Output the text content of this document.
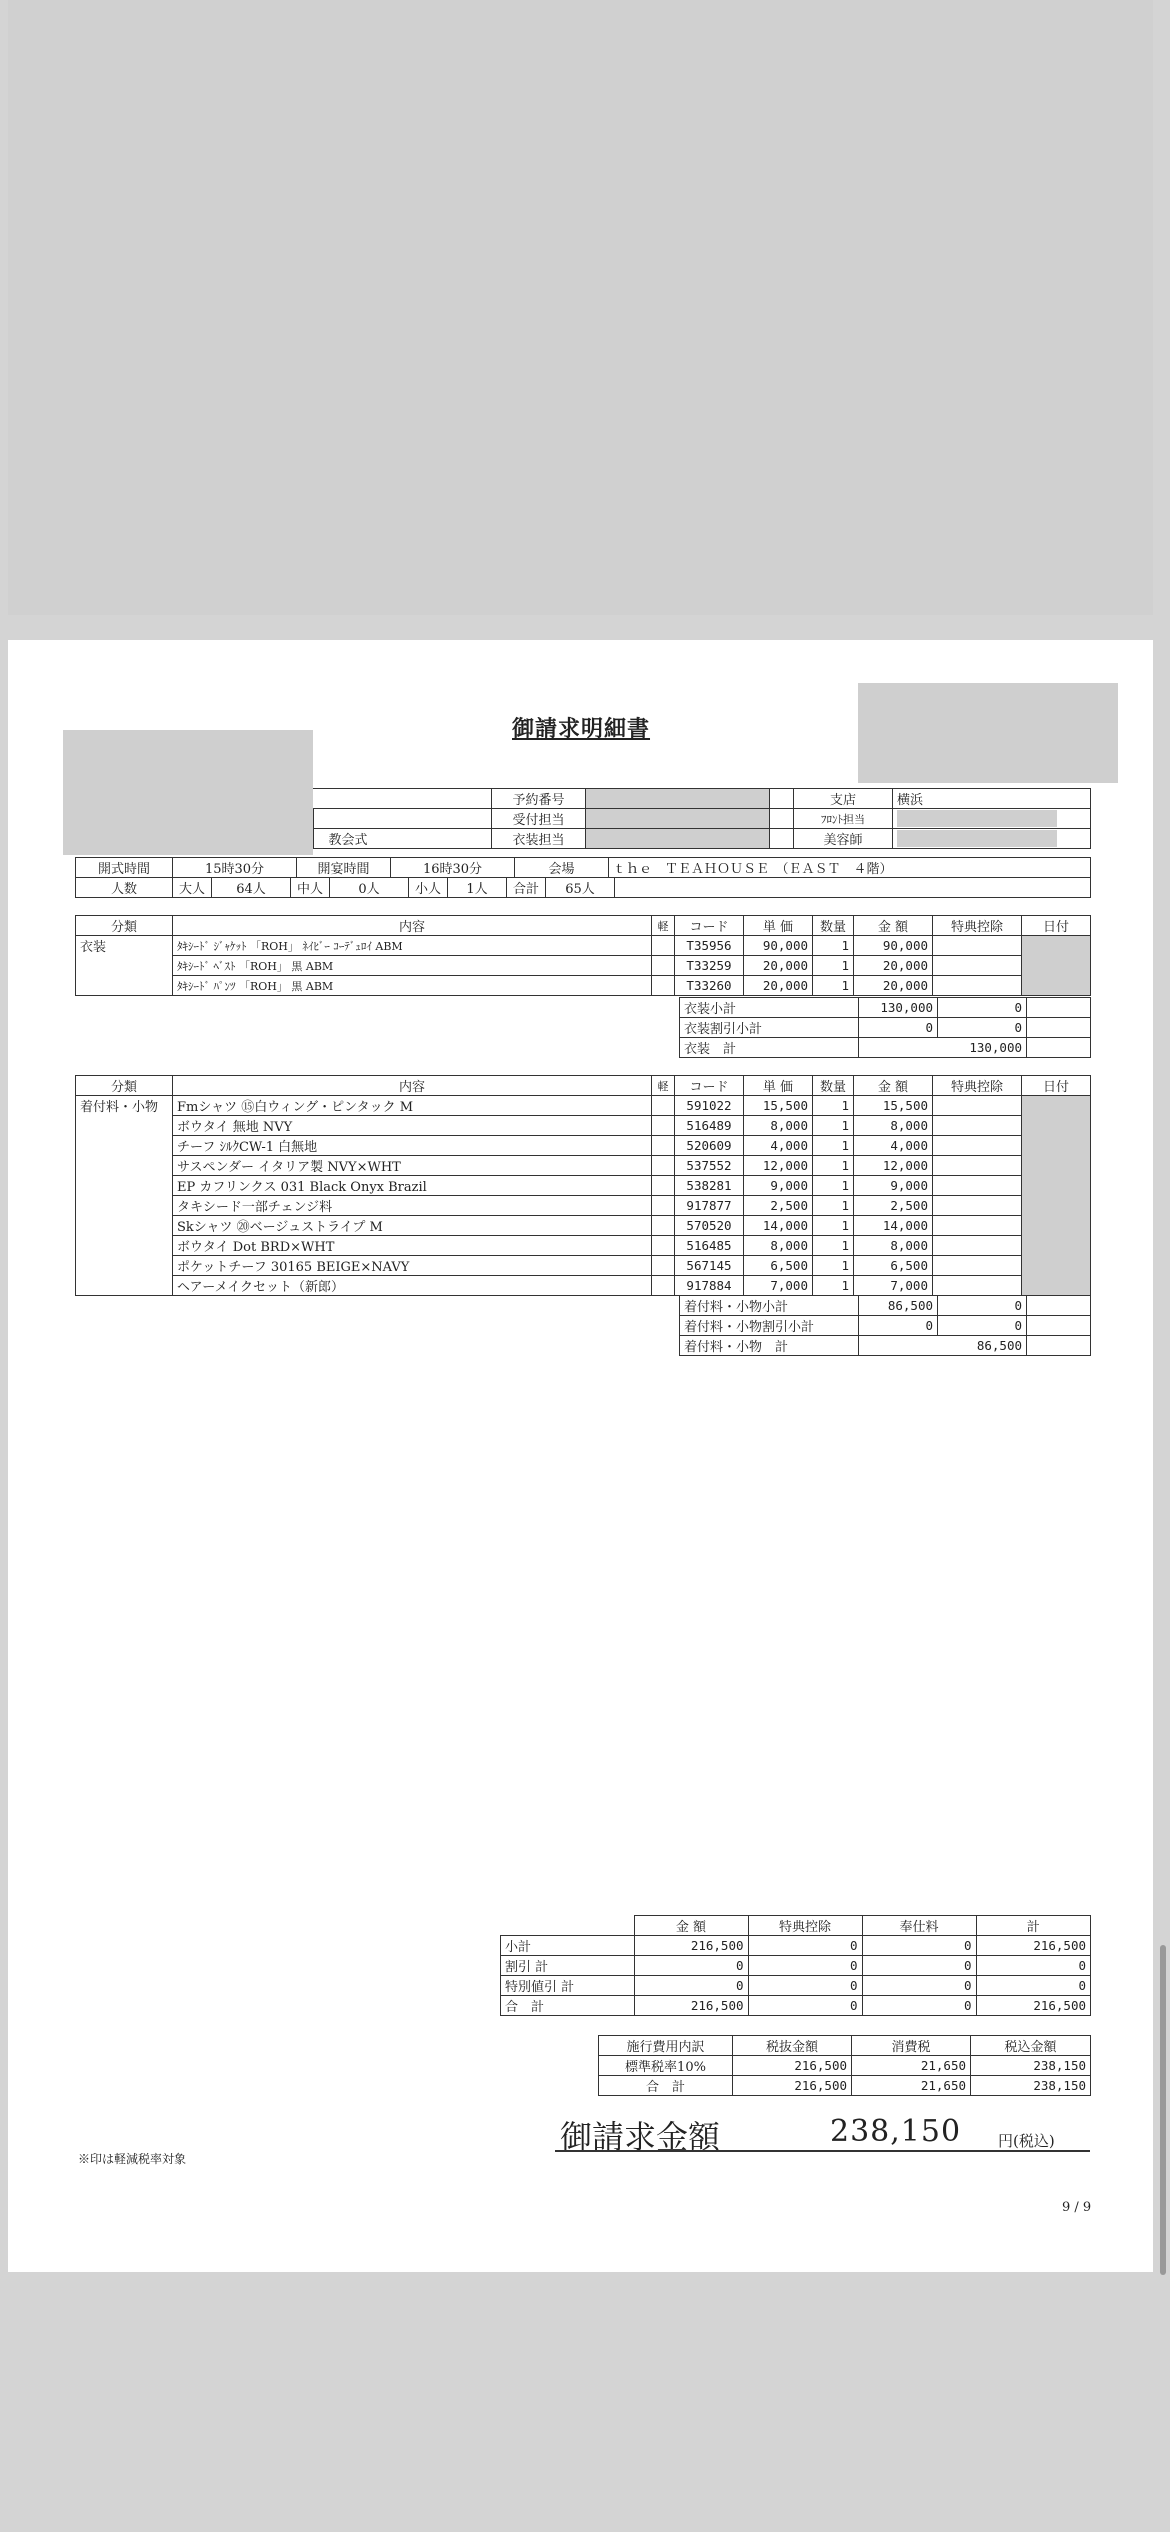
御請求明細書
		予約番号			支店	横浜
		受付担当			ﾌﾛﾝﾄ担当	

	教会式	衣装担当			美容師	
開式時間	15時30分	開宴時間	16時30分	会場	ｔｈｅ　ＴＥＡＨＯＵＳＥ　（ＥＡＳＴ　４階）
人数	大人	64人	中人	0人	小人	1人	合計	65人	
分類	内容	軽	コード	単 価	数量	金 額	特典控除	日付
衣装	ﾀｷｼｰﾄﾞ ｼﾞｬｹｯﾄ 「ROH」 ﾈｲﾋﾞｰ ｺｰﾃﾞｭﾛｲ ABM		T35956	90,000	1	90,000		
	ﾀｷｼｰﾄﾞ ﾍﾞｽﾄ 「ROH」 黒 ABM		T33259	20,000	1	20,000		
	ﾀｷｼｰﾄﾞ ﾊﾟﾝﾂ 「ROH」 黒 ABM		T33260	20,000	1	20,000		
衣装小計	130,000	0	
衣装割引小計	0	0	
衣装　計	130,000		
分類	内容	軽	コード	単 価	数量	金 額	特典控除	日付
着付料・小物	Fmシャツ ⑮白ウィング・ピンタック M		591022	15,500	1	15,500		
	ボウタイ 無地 NVY		516489	8,000	1	8,000		
	チーフ ｼﾙｸCW-1 白無地		520609	4,000	1	4,000		
	サスペンダー イタリア製 NVY×WHT		537552	12,000	1	12,000		
	EP カフリンクス 031 Black Onyx Brazil		538281	9,000	1	9,000		
	タキシード一部チェンジ料		917877	2,500	1	2,500		
	Skシャツ ⑳ベージュストライプ M		570520	14,000	1	14,000		
	ボウタイ Dot BRD×WHT		516485	8,000	1	8,000		
	ポケットチーフ 30165 BEIGE×NAVY		567145	6,500	1	6,500		
	ヘアーメイクセット（新郎）		917884	7,000	1	7,000		
着付料・小物小計	86,500	0	
着付料・小物割引小計	0	0	
着付料・小物　計	86,500		
	金 額	特典控除	奉仕料	計
小計	216,500	0	0	216,500
割引 計	0	0	0	0
特別値引 計	0	0	0	0
合　計	216,500	0	0	216,500
施行費用内訳	税抜金額	消費税	税込金額
標準税率10%	216,500	21,650	238,150
合　計	216,500	21,650	238,150
御請求金額	238,150 円(税込)
※印は軽減税率対象
9 / 9
